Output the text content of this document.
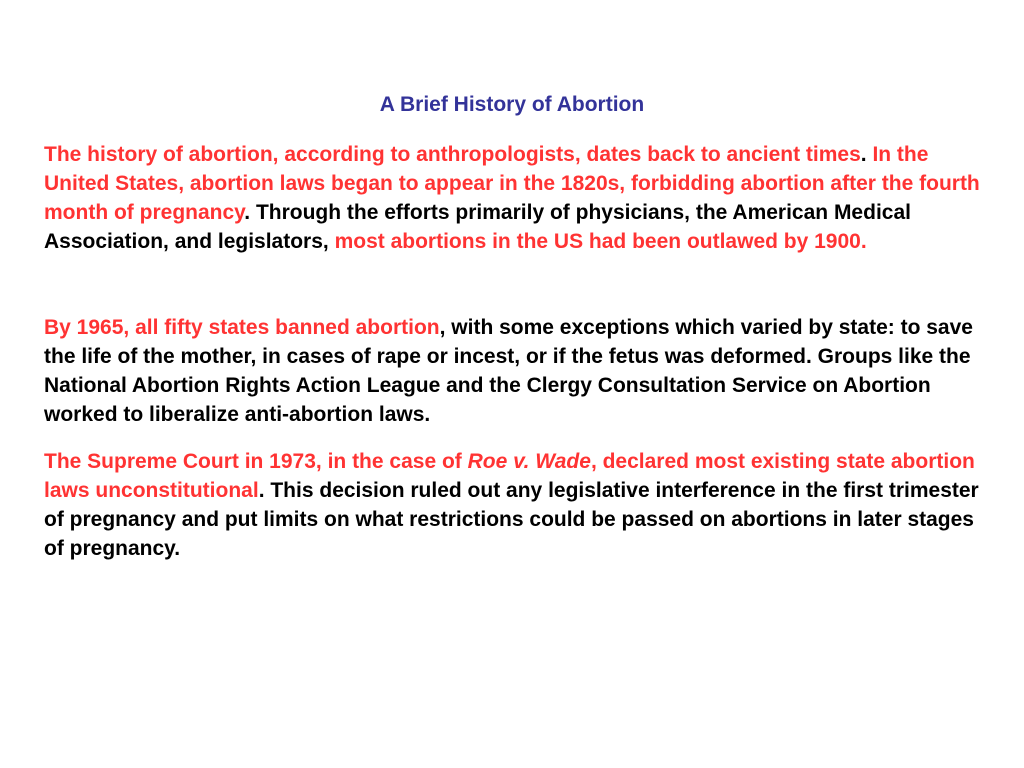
A Brief History of Abortion

The history of abortion, according to anthropologists, dates back to ancient times. In the United States, abortion laws began to appear in the 1820s, forbidding abortion after the fourth month of pregnancy. Through the efforts primarily of physicians, the American Medical Association, and legislators, most abortions in the US had been outlawed by 1900.

By 1965, all fifty states banned abortion, with some exceptions which varied by state: to save the life of the mother, in cases of rape or incest, or if the fetus was deformed. Groups like the National Abortion Rights Action League and the Clergy Consultation Service on Abortion worked to liberalize anti-abortion laws.

The Supreme Court in 1973, in the case of Roe v. Wade, declared most existing state abortion laws unconstitutional. This decision ruled out any legislative interference in the first trimester of pregnancy and put limits on what restrictions could be passed on abortions in later stages of pregnancy.
